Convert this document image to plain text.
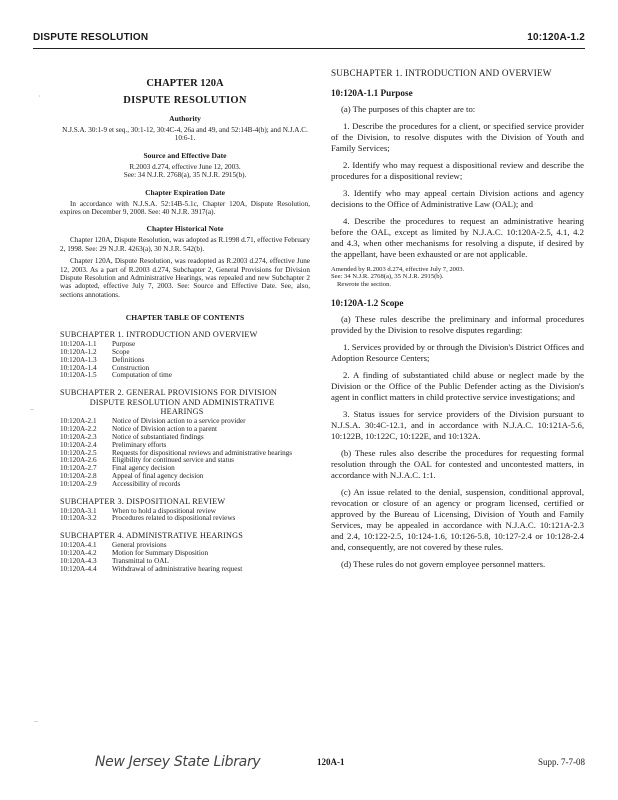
DISPUTE RESOLUTION	10:120A-1.2
·
–
–
CHAPTER 120A
DISPUTE RESOLUTION
Authority

N.J.S.A. 30:1-9 et seq., 30:1-12, 30:4C-4, 26a and 49, and 52:14B-4(b); and N.J.A.C. 10:6-1.

Source and Effective Date

R.2003 d.274, effective June 12, 2003.

See: 34 N.J.R. 2768(a), 35 N.J.R. 2915(b).

Chapter Expiration Date

In accordance with N.J.S.A. 52:14B-5.1c, Chapter 120A, Dispute Resolution, expires on December 9, 2008. See: 40 N.J.R. 3917(a).

Chapter Historical Note

Chapter 120A, Dispute Resolution, was adopted as R.1998 d.71, effective February 2, 1998. See: 29 N.J.R. 4263(a), 30 N.J.R. 542(b).

Chapter 120A, Dispute Resolution, was readopted as R.2003 d.274, effective June 12, 2003. As a part of R.2003 d.274, Subchapter 2, General Provisions for Division Dispute Resolution and Administrative Hearings, was repealed and new Subchapter 2 was adopted, effective July 7, 2003. See: Source and Effective Date. See, also, sections annotations.

CHAPTER TABLE OF CONTENTS
SUBCHAPTER 1. INTRODUCTION AND OVERVIEW
10:120A-1.1	Purpose
10:120A-1.2	Scope
10:120A-1.3	Definitions
10:120A-1.4	Construction
10:120A-1.5	Computation of time
SUBCHAPTER 2. GENERAL PROVISIONS FOR DIVISION
DISPUTE RESOLUTION AND ADMINISTRATIVE
HEARINGS
10:120A-2.1	Notice of Division action to a service provider
10:120A-2.2	Notice of Division action to a parent
10:120A-2.3	Notice of substantiated findings
10:120A-2.4	Preliminary efforts
10:120A-2.5	Requests for dispositional reviews and administrative hearings
10:120A-2.6	Eligibility for continued service and status
10:120A-2.7	Final agency decision
10:120A-2.8	Appeal of final agency decision
10:120A-2.9	Accessibility of records
SUBCHAPTER 3. DISPOSITIONAL REVIEW
10:120A-3.1	When to hold a dispositional review
10:120A-3.2	Procedures related to dispositional reviews
SUBCHAPTER 4. ADMINISTRATIVE HEARINGS
10:120A-4.1	General provisions
10:120A-4.2	Motion for Summary Disposition
10:120A-4.3	Transmittal to OAL
10:120A-4.4	Withdrawal of administrative hearing request
SUBCHAPTER 1. INTRODUCTION AND OVERVIEW
10:120A-1.1 Purpose

(a) The purposes of this chapter are to:

1. Describe the procedures for a client, or specified service provider of the Division, to resolve disputes with the Division of Youth and Family Services;

2. Identify who may request a dispositional review and describe the procedures for a dispositional review;

3. Identify who may appeal certain Division actions and agency decisions to the Office of Administrative Law (OAL); and

4. Describe the procedures to request an administrative hearing before the OAL, except as limited by N.J.A.C. 10:120A-2.5, 4.1, 4.2 and 4.3, when other mechanisms for resolving a dispute, if desired by the appellant, have been exhausted or are not applicable.

Amended by R.2003 d.274, effective July 7, 2003.

See: 34 N.J.R. 2768(a), 35 N.J.R. 2915(b).

Rewrote the section.

10:120A-1.2 Scope

(a) These rules describe the preliminary and informal procedures provided by the Division to resolve disputes regarding:

1. Services provided by or through the Division's District Offices and Adoption Resource Centers;

2. A finding of substantiated child abuse or neglect made by the Division or the Office of the Public Defender acting as the Division's agent in conflict matters in child protective service investigations; and

3. Status issues for service providers of the Division pursuant to N.J.S.A. 30:4C-12.1, and in accordance with N.J.A.C. 10:121A-5.6, 10:122B, 10:122C, 10:122E, and 10:132A.

(b) These rules also describe the procedures for requesting formal resolution through the OAL for contested and uncontested matters, in accordance with N.J.A.C. 1:1.

(c) An issue related to the denial, suspension, conditional approval, revocation or closure of an agency or program licensed, certified or approved by the Bureau of Licensing, Division of Youth and Family Services, may be appealed in accordance with N.J.A.C. 10:121A-2.3 and 2.4, 10:122-2.5, 10:124-1.6, 10:126-5.8, 10:127-2.4 or 10:128-2.4 and, consequently, are not covered by these rules.

(d) These rules do not govern employee personnel matters.

New Jersey State Library	120A-1	Supp. 7-7-08
